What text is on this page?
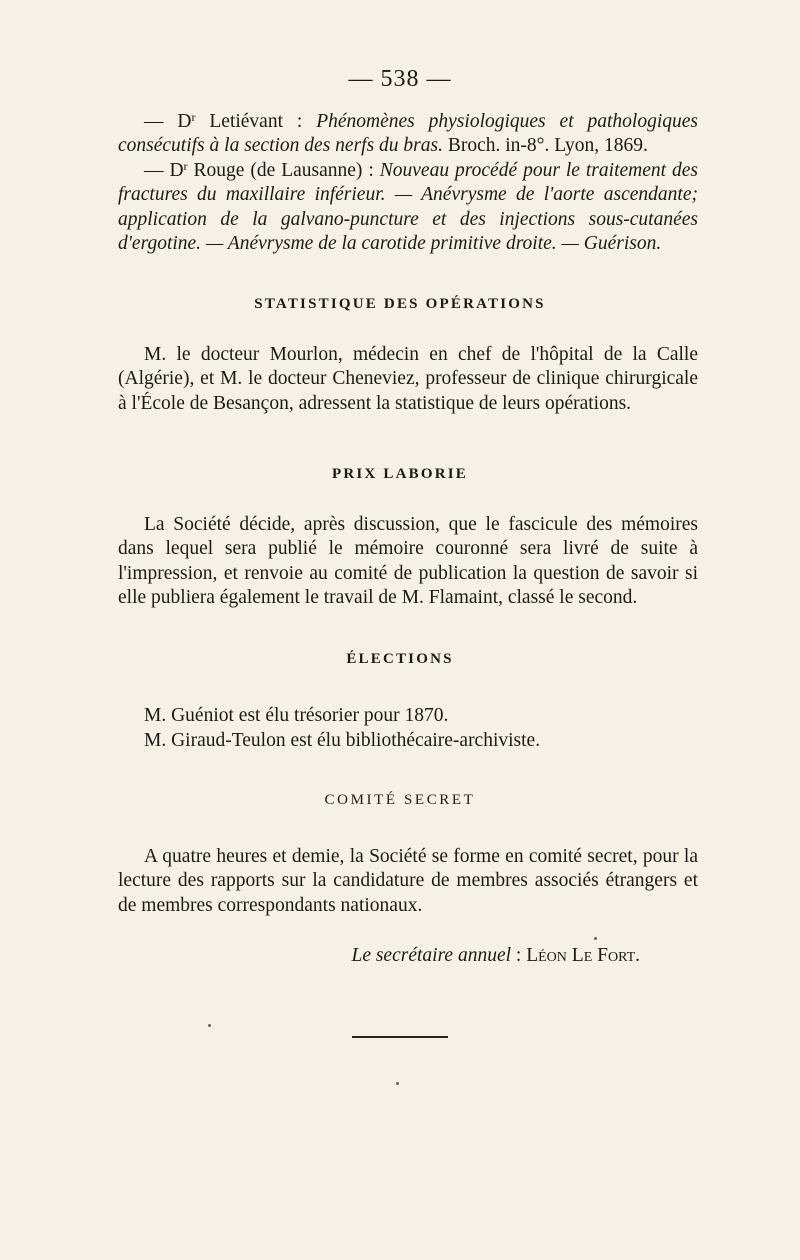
— 538 —

— $D^r$ Letiévant : Phénomènes physiologiques et pathologiques consécutifs à la section des nerfs du bras. Broch. in-8°. Lyon, 1869.

— $D^r$ Rouge (de Lausanne) : Nouveau procédé pour le traitement des fractures du maxillaire inférieur. — Anévrysme de l'aorte ascendante; application de la galvano-puncture et des injections sous-cutanées d'ergotine. — Anévrysme de la carotide primitive droite. — Guérison.

STATISTIQUE DES OPÉRATIONS

M. le docteur Mourlon, médecin en chef de l'hôpital de la Calle (Algérie), et M. le docteur Cheneviez, professeur de clinique chirurgicale à l'École de Besançon, adressent la statistique de leurs opérations.

PRIX LABORIE

La Société décide, après discussion, que le fascicule des mémoires dans lequel sera publié le mémoire couronné sera livré de suite à l'impression, et renvoie au comité de publication la question de savoir si elle publiera également le travail de M. Flamaint, classé le second.

ÉLECTIONS

M. Guéniot est élu trésorier pour 1870.

M. Giraud-Teulon est élu bibliothécaire-archiviste.

COMITÉ SECRET

A quatre heures et demie, la Société se forme en comité secret, pour la lecture des rapports sur la candidature de membres associés étrangers et de membres correspondants nationaux.

Le secrétaire annuel : Léon Le Fort.
